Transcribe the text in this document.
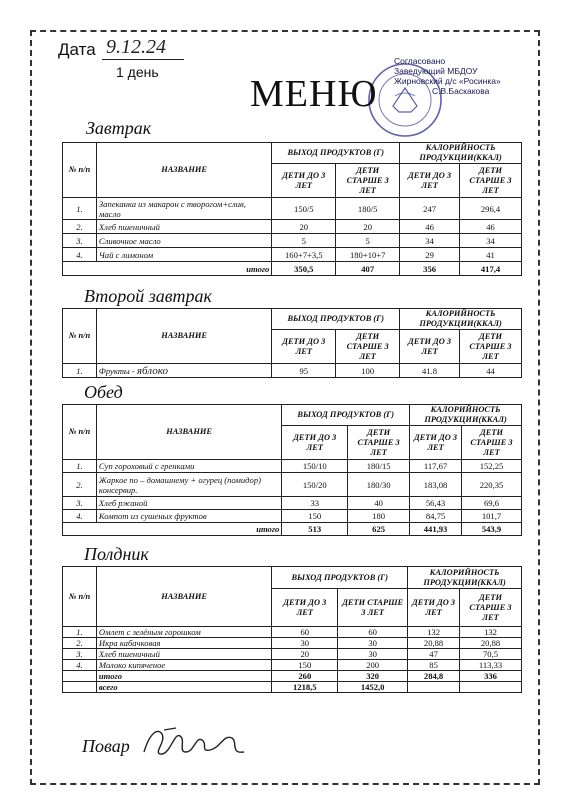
Дата 9.12.24
1 день
МЕНЮ
Согласовано
Заведующий МБДОУ
Жирновский д/с «Росинка»
С.В.Баскакова
Завтрак
№ п/п	НАЗВАНИЕ	ВЫХОД ПРОДУКТОВ (Г)		КАЛОРИЙНОСТЬ ПРОДУКЦИИ(ККАЛ)	
		ДЕТИ ДО 3 ЛЕТ	ДЕТИ СТАРШЕ 3 ЛЕТ	ДЕТИ ДО 3 ЛЕТ	ДЕТИ СТАРШЕ 3 ЛЕТ
1.	Запеканка из макарон с творогом+слив, масло	150/5	180/5	247	296,4
2.	Хлеб пшеничный	20	20	46	46
3.	Сливочное масло	5	5	34	34
4.	Чай с лимоном	160+7+3,5	180+10+7	29	41
итого		350,5	407	356	417,4
Второй завтрак
№ п/п	НАЗВАНИЕ	ВЫХОД ПРОДУКТОВ (Г)		КАЛОРИЙНОСТЬ ПРОДУКЦИИ(ККАЛ)	
		ДЕТИ ДО 3 ЛЕТ	ДЕТИ СТАРШЕ 3 ЛЕТ	ДЕТИ ДО 3 ЛЕТ	ДЕТИ СТАРШЕ 3 ЛЕТ
1.	Фрукты - яблоко	95	100	41.8	44
Обед
№ п/п	НАЗВАНИЕ	ВЫХОД ПРОДУКТОВ (Г)		КАЛОРИЙНОСТЬ ПРОДУКЦИИ(ККАЛ)	
		ДЕТИ ДО 3 ЛЕТ	ДЕТИ СТАРШЕ 3 ЛЕТ	ДЕТИ ДО 3 ЛЕТ	ДЕТИ СТАРШЕ 3 ЛЕТ
1.	Суп гороховый с гренками	150/10	180/15	117,67	152,25
2.	Жаркое по – домашнему + огурец (помидор) консервир.	150/20	180/30	183,08	220,35
3.	Хлеб ржаной	33	40	56,43	69,6
4.	Компот из сушеных фруктов	150	180	84,75	101,7
итого		513	625	441,93	543,9
Полдник
№ п/п	НАЗВАНИЕ	ВЫХОД ПРОДУКТОВ (Г)		КАЛОРИЙНОСТЬ ПРОДУКЦИИ(ККАЛ)	
		ДЕТИ ДО 3 ЛЕТ	ДЕТИ СТАРШЕ 3 ЛЕТ	ДЕТИ ДО 3 ЛЕТ	ДЕТИ СТАРШЕ 3 ЛЕТ
1.	Омлет с зелёным горошком	60	60	132	132
2.	Икра кабачковая	30	30	20,88	20,88
3.	Хлеб пшеничный	20	30	47	70,5
4.	Молоко кипяченое	150	200	85	113,33
	итого	260	320	284,8	336
	всего	1218,5	1452,0		
Повар
